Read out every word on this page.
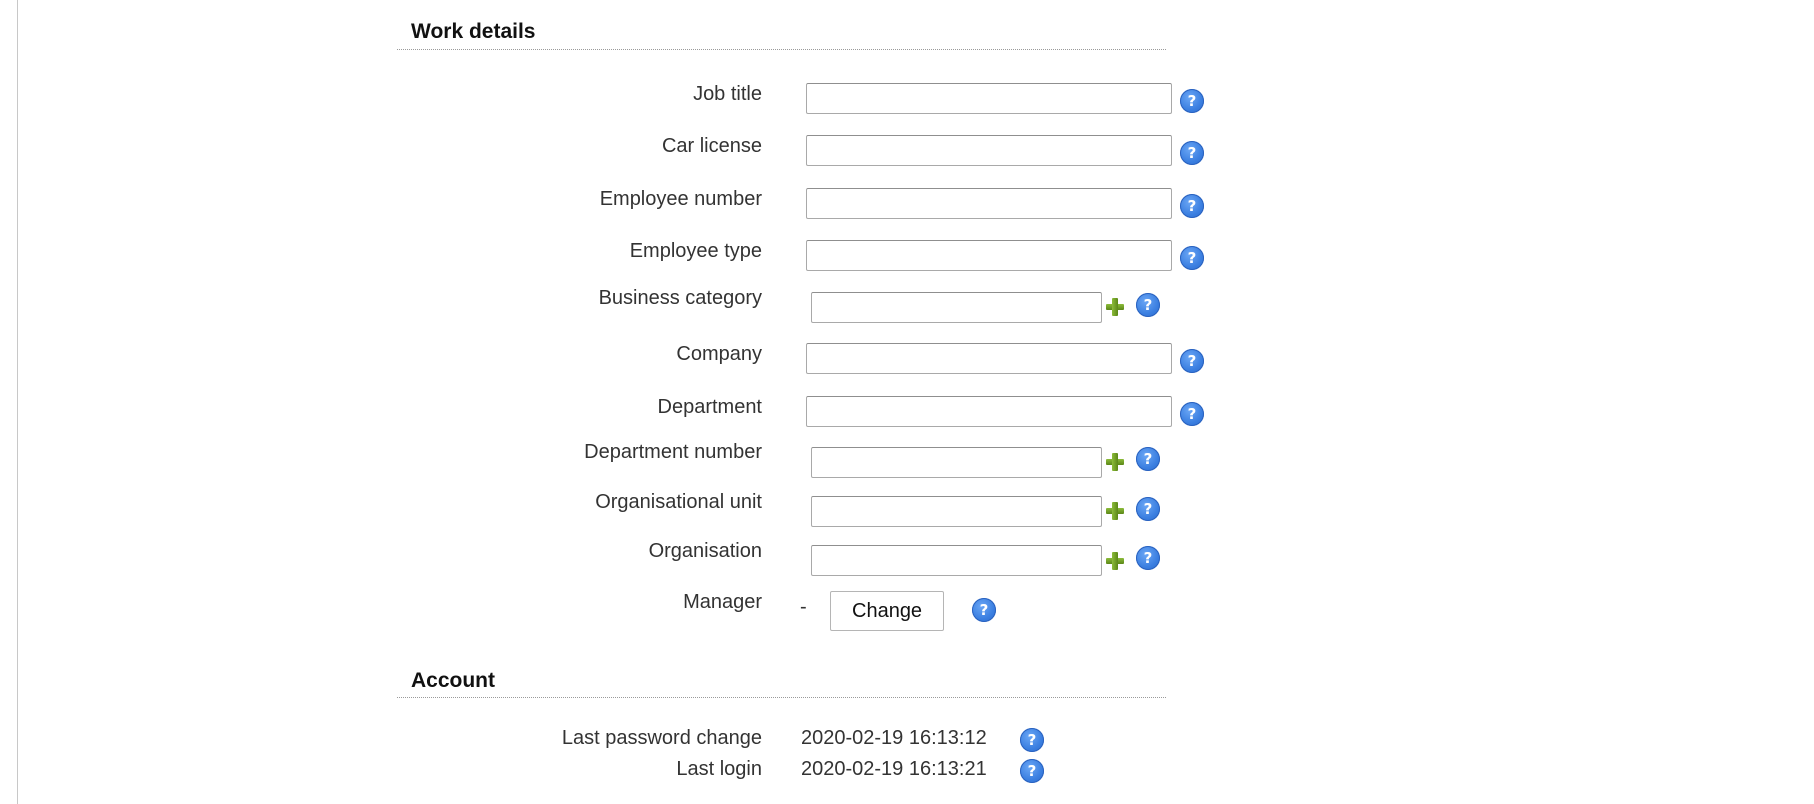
Work details
Job title	?
Car license	?
Employee number	?
Employee type	?
Business category	?
Company	?
Department	?
Department number	?
Organisational unit	?
Organisation	?
Manager -	Change	?
Account
Last password change 2020-02-19 16:13:12	?
Last login 2020-02-19 16:13:21	?
